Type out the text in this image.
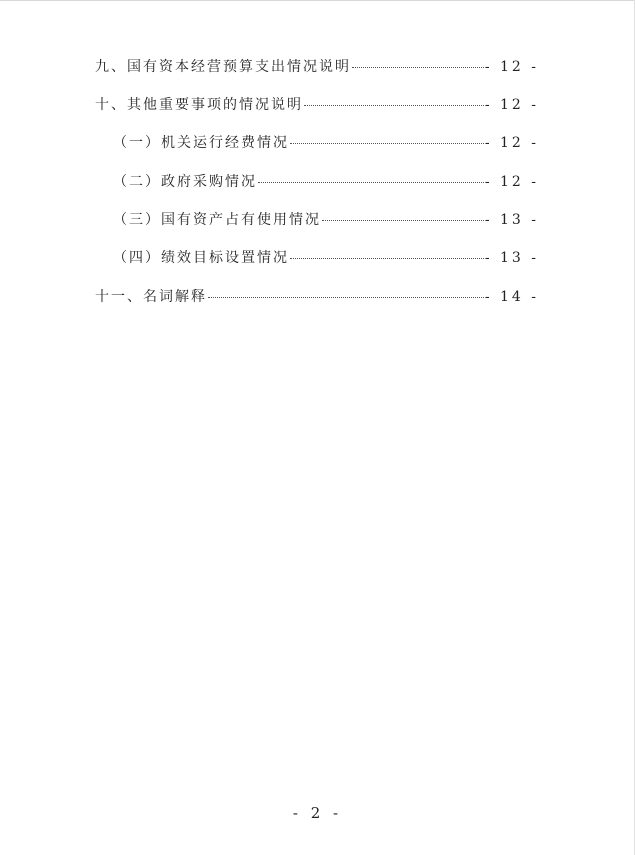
九、国有资本经营预算支出情况说明	- 12 -
十、其他重要事项的情况说明	- 12 -
（一）机关运行经费情况	- 12 -
（二）政府采购情况	- 12 -
（三）国有资产占有使用情况	- 13 -
（四）绩效目标设置情况	- 13 -
十一、名词解释	- 14 -
- 2 -
